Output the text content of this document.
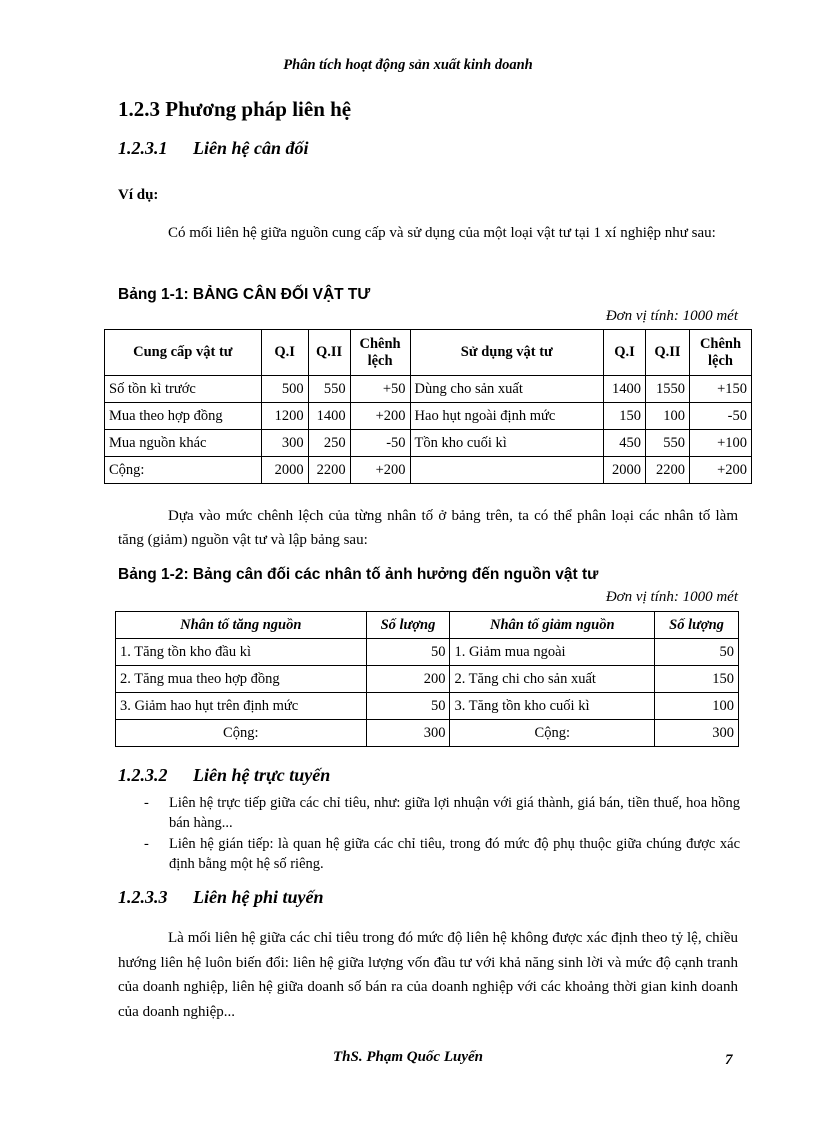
Phân tích hoạt động sản xuất kinh doanh
1.2.3 Phương pháp liên hệ
1.2.3.1 Liên hệ cân đối
Ví dụ:
Có mối liên hệ giữa nguồn cung cấp và sử dụng của một loại vật tư tại 1 xí nghiệp như sau:
Bảng 1-1: BẢNG CÂN ĐỐI VẬT TƯ
Đơn vị tính: 1000 mét
Cung cấp vật tư	Q.I	Q.II	Chênh lệch	Sử dụng vật tư	Q.I	Q.II	Chênh lệch
Số tồn kì trước	500	550	+50	Dùng cho sản xuất	1400	1550	+150
Mua theo hợp đồng	1200	1400	+200	Hao hụt ngoài định mức	150	100	-50
Mua nguồn khác	300	250	-50	Tồn kho cuối kì	450	550	+100
Cộng:	2000	2200	+200		2000	2200	+200
Dựa vào mức chênh lệch của từng nhân tố ở bảng trên, ta có thể phân loại các nhân tố làm tăng (giảm) nguồn vật tư và lập bảng sau:
Bảng 1-2: Bảng cân đối các nhân tố ảnh hưởng đến nguồn vật tư
Đơn vị tính: 1000 mét
Nhân tố tăng nguồn	Số lượng	Nhân tố giảm nguồn	Số lượng
1. Tăng tồn kho đầu kì	50	1. Giảm mua ngoài	50
2. Tăng mua theo hợp đồng	200	2. Tăng chi cho sản xuất	150
3. Giảm hao hụt trên định mức	50	3. Tăng tồn kho cuối kì	100
Cộng:	300	Cộng:	300
1.2.3.2 Liên hệ trực tuyến
- Liên hệ trực tiếp giữa các chỉ tiêu, như: giữa lợi nhuận với giá thành, giá bán, tiền thuế, hoa hồng bán hàng...
- Liên hệ gián tiếp: là quan hệ giữa các chỉ tiêu, trong đó mức độ phụ thuộc giữa chúng được xác định bằng một hệ số riêng.
1.2.3.3 Liên hệ phi tuyến
Là mối liên hệ giữa các chỉ tiêu trong đó mức độ liên hệ không được xác định theo tỷ lệ, chiều hướng liên hệ luôn biến đổi: liên hệ giữa lượng vốn đầu tư với khả năng sinh lời và mức độ cạnh tranh của doanh nghiệp, liên hệ giữa doanh số bán ra của doanh nghiệp với các khoảng thời gian kinh doanh của doanh nghiệp...
ThS. Phạm Quốc Luyến	7
